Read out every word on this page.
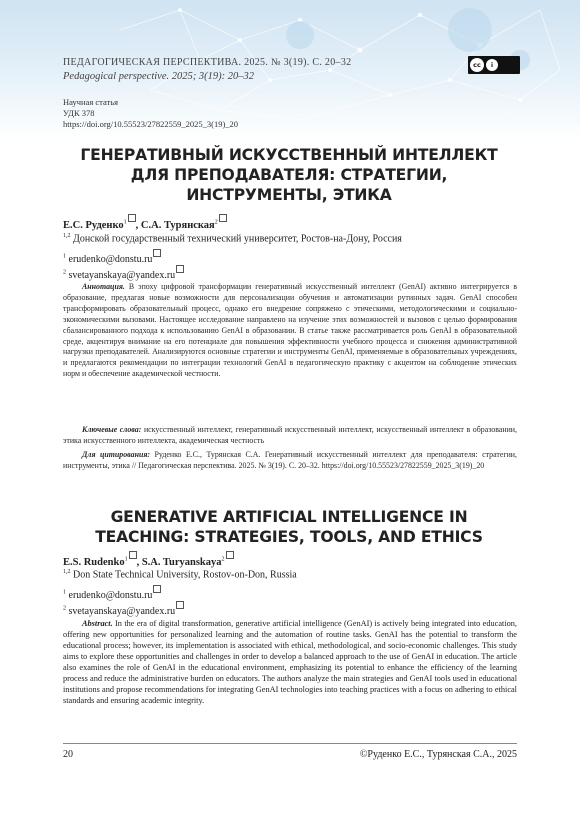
ПЕДАГОГИЧЕСКАЯ ПЕРСПЕКТИВА. 2025. № 3(19). С. 20–32
Pedagogical perspective. 2025; 3(19): 20–32
cc	i
Научная статья
УДК 378
https://doi.org/10.55523/27822559_2025_3(19)_20
ГЕНЕРАТИВНЫЙ ИСКУССТВЕННЫЙ ИНТЕЛЛЕКТ ДЛЯ ПРЕПОДАВАТЕЛЯ: СТРАТЕГИИ, ИНСТРУМЕНТЫ, ЭТИКА
Е.С. Руденко$^1$ , С.А. Турянская$^2$
$^{1,2}$ Донской государственный технический университет, Ростов-на-Дону, Россия
$^1$ erudenko@donstu.ru
$^2$ svetayanskaya@yandex.ru

Аннотация. В эпоху цифровой трансформации генеративный искусственный интеллект (GenAI) активно интегрируется в образование, предлагая новые возможности для персонализации обучения и автоматизации рутинных задач. GenAI способен трансформировать образовательный процесс, однако его внедрение сопряжено с этическими, методологическими и социально-экономическими вызовами. Настоящее исследование направлено на изучение этих возможностей и вызовов с целью формирования сбалансированного подхода к использованию GenAI в образовании. В статье также рассматривается роль GenAI в образовательной среде, акцентируя внимание на его потенциале для повышения эффективности учебного процесса и снижения административной нагрузки преподавателей. Анализируются основные стратегии и инструменты GenAI, применяемые в образовательных учреждениях, и предлагаются рекомендации по интеграции технологий GenAI в педагогическую практику с акцентом на соблюдение этических норм и обеспечение академической честности.

Ключевые слова: искусственный интеллект, генеративный искусственный интеллект, искусственный интеллект в образовании, этика искусственного интеллекта, академическая честность

Для цитирования: Руденко Е.С., Турянская С.А. Генеративный искусственный интеллект для преподавателя: стратегии, инструменты, этика // Педагогическая перспектива. 2025. № 3(19). С. 20–32. https://doi.org/10.55523/27822559_2025_3(19)_20

GENERATIVE ARTIFICIAL INTELLIGENCE IN TEACHING: STRATEGIES, TOOLS, AND ETHICS
E.S. Rudenko$^1$ , S.A. Turyanskaya$^2$
$^{1,2}$ Don State Technical University, Rostov-on-Don, Russia
$^1$ erudenko@donstu.ru
$^2$ svetayanskaya@yandex.ru

Abstract. In the era of digital transformation, generative artificial intelligence (GenAI) is actively being integrated into education, offering new opportunities for personalized learning and the automation of routine tasks. GenAI has the potential to transform the educational process; however, its implementation is associated with ethical, methodological, and socio-economic challenges. This study aims to explore these opportunities and challenges in order to develop a balanced approach to the use of GenAI in education. The article also examines the role of GenAI in the educational environment, emphasizing its potential to enhance the efficiency of the learning process and reduce the administrative burden on educators. The authors analyze the main strategies and GenAI tools used in educational institutions and propose recommendations for integrating GenAI technologies into teaching practices with a focus on adhering to ethical standards and ensuring academic integrity.

20	©Руденко Е.С., Турянская С.А., 2025
